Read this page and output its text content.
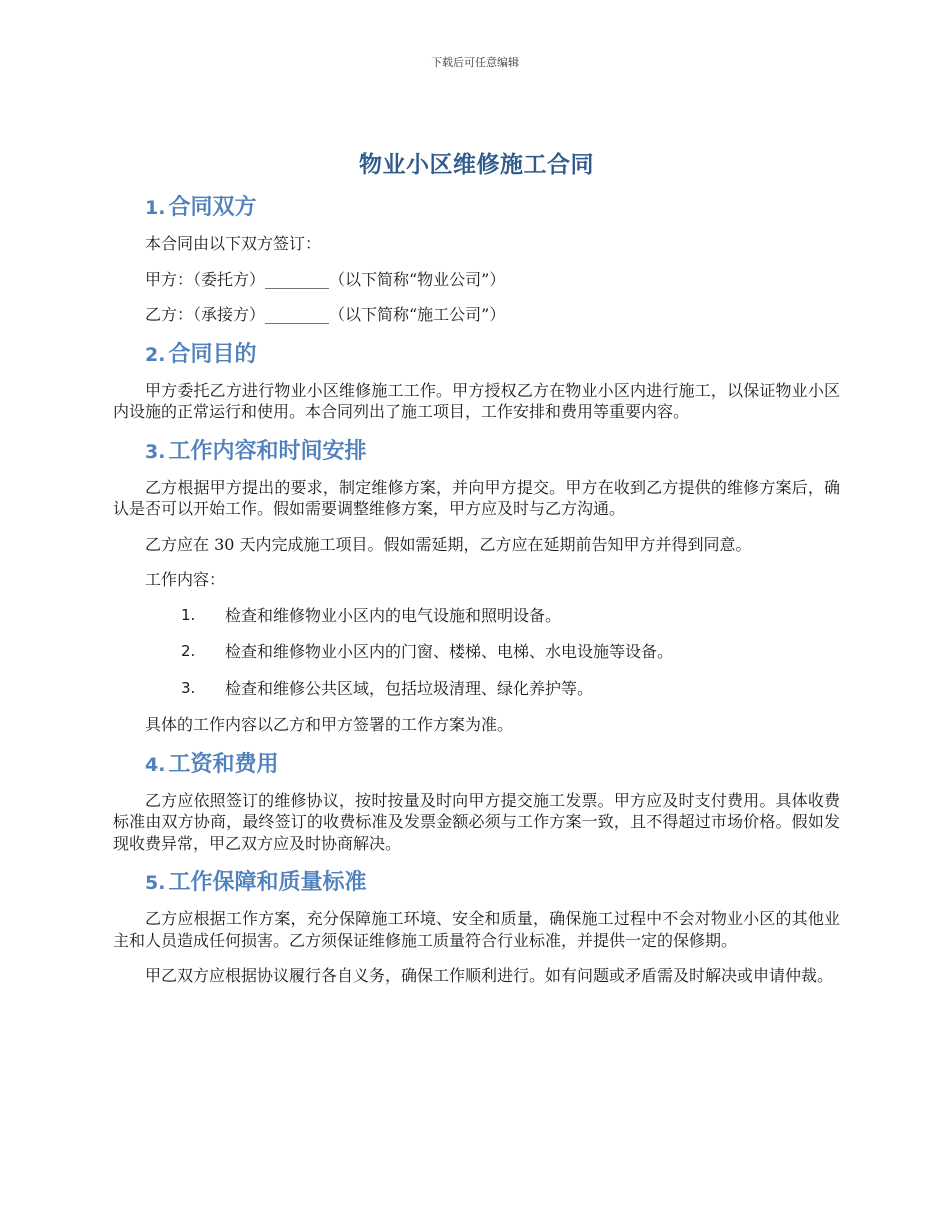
下载后可任意编辑
物业小区维修施工合同
1. 合同双方

本合同由以下双方签订：

甲方：（委托方）________（以下简称“物业公司”）

乙方：（承接方）________（以下简称“施工公司”）

2. 合同目的

甲方委托乙方进行物业小区维修施工工作。甲方授权乙方在物业小区内进行施工，以保证物业小区内设施的正常运行和使用。本合同列出了施工项目，工作安排和费用等重要内容。

3. 工作内容和时间安排

乙方根据甲方提出的要求，制定维修方案，并向甲方提交。甲方在收到乙方提供的维修方案后，确认是否可以开始工作。假如需要调整维修方案，甲方应及时与乙方沟通。

乙方应在 30 天内完成施工项目。假如需延期，乙方应在延期前告知甲方并得到同意。

工作内容：

1. 检查和维修物业小区内的电气设施和照明设备。
2. 检查和维修物业小区内的门窗、楼梯、电梯、水电设施等设备。
3. 检查和维修公共区域，包括垃圾清理、绿化养护等。

具体的工作内容以乙方和甲方签署的工作方案为准。

4. 工资和费用

乙方应依照签订的维修协议，按时按量及时向甲方提交施工发票。甲方应及时支付费用。具体收费标准由双方协商，最终签订的收费标准及发票金额必须与工作方案一致，且不得超过市场价格。假如发现收费异常，甲乙双方应及时协商解决。

5. 工作保障和质量标准

乙方应根据工作方案，充分保障施工环境、安全和质量，确保施工过程中不会对物业小区的其他业主和人员造成任何损害。乙方须保证维修施工质量符合行业标准，并提供一定的保修期。

甲乙双方应根据协议履行各自义务，确保工作顺利进行。如有问题或矛盾需及时解决或申请仲裁。
